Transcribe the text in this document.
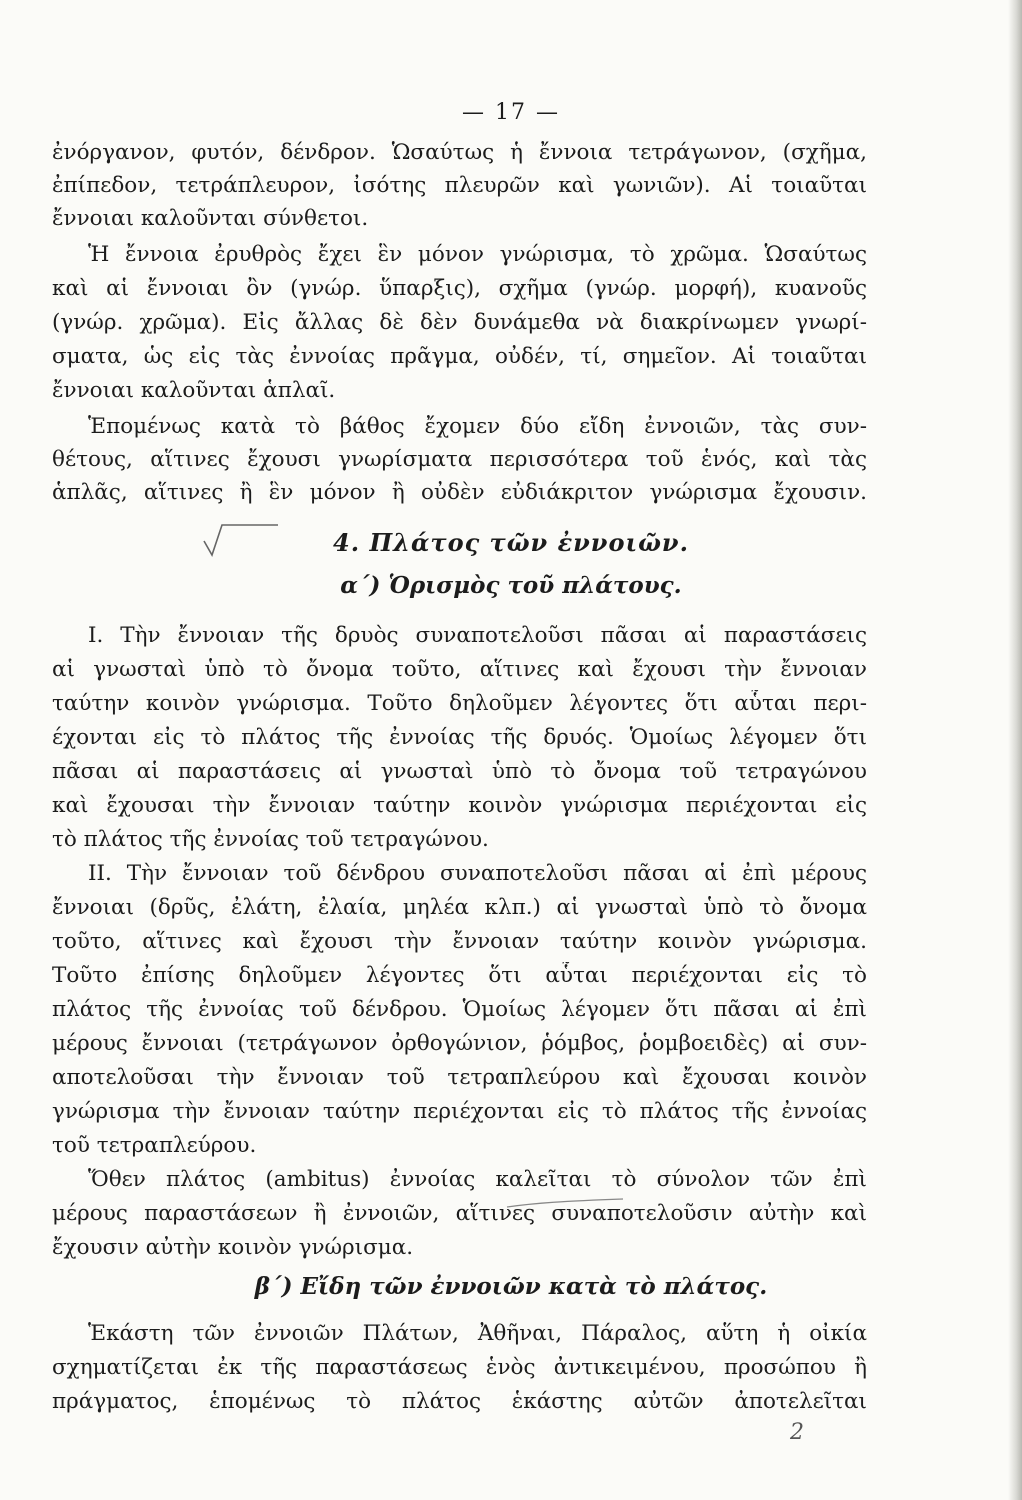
— 17 —
ἐνόργανον, φυτόν, δένδρον. Ὡσαύτως ἡ ἔννοια τετράγωνον, (σχῆμα,
ἐπίπεδον, τετράπλευρον, ἰσότης πλευρῶν καὶ γωνιῶν). Αἱ τοιαῦται
ἔννοιαι καλοῦνται σύνθετοι.
Ἡ ἔννοια ἐρυθρὸς ἔχει ἓν μόνον γνώρισμα, τὸ χρῶμα. Ὡσαύτως
καὶ αἱ ἔννοιαι ὂν (γνώρ. ὕπαρξις), σχῆμα (γνώρ. μορφή), κυανοῦς
(γνώρ. χρῶμα). Εἰς ἄλλας δὲ δὲν δυνάμεθα νὰ διακρίνωμεν γνωρί-
σματα, ὡς εἰς τὰς ἐννοίας πρᾶγμα, οὐδέν, τί, σημεῖον. Αἱ τοιαῦται
ἔννοιαι καλοῦνται ἁπλαῖ.
Ἑπομένως κατὰ τὸ βάθος ἔχομεν δύο εἴδη ἐννοιῶν, τὰς συν-
θέτους, αἵτινες ἔχουσι γνωρίσματα περισσότερα τοῦ ἑνός, καὶ τὰς
ἁπλᾶς, αἵτινες ἢ ἓν μόνον ἢ οὐδὲν εὐδιάκριτον γνώρισμα ἔχουσιν.
4. Πλάτος τῶν ἐννοιῶν.
α΄) Ὁρισμὸς τοῦ πλάτους.
Ι. Τὴν ἔννοιαν τῆς δρυὸς συναποτελοῦσι πᾶσαι αἱ παραστάσεις
αἱ γνωσταὶ ὑπὸ τὸ ὄνομα τοῦτο, αἵτινες καὶ ἔχουσι τὴν ἔννοιαν
ταύτην κοινὸν γνώρισμα. Τοῦτο δηλοῦμεν λέγοντες ὅτι αὗται περι-
έχονται εἰς τὸ πλάτος τῆς ἐννοίας τῆς δρυός. Ὁμοίως λέγομεν ὅτι
πᾶσαι αἱ παραστάσεις αἱ γνωσταὶ ὑπὸ τὸ ὄνομα τοῦ τετραγώνου
καὶ ἔχουσαι τὴν ἔννοιαν ταύτην κοινὸν γνώρισμα περιέχονται εἰς
τὸ πλάτος τῆς ἐννοίας τοῦ τετραγώνου.
ΙΙ. Τὴν ἔννοιαν τοῦ δένδρου συναποτελοῦσι πᾶσαι αἱ ἐπὶ μέρους
ἔννοιαι (δρῦς, ἐλάτη, ἐλαία, μηλέα κλπ.) αἱ γνωσταὶ ὑπὸ τὸ ὄνομα
τοῦτο, αἵτινες καὶ ἔχουσι τὴν ἔννοιαν ταύτην κοινὸν γνώρισμα.
Τοῦτο ἐπίσης δηλοῦμεν λέγοντες ὅτι αὗται περιέχονται εἰς τὸ
πλάτος τῆς ἐννοίας τοῦ δένδρου. Ὁμοίως λέγομεν ὅτι πᾶσαι αἱ ἐπὶ
μέρους ἔννοιαι (τετράγωνον ὀρθογώνιον, ῥόμβος, ῥομβοειδὲς) αἱ συν-
αποτελοῦσαι τὴν ἔννοιαν τοῦ τετραπλεύρου καὶ ἔχουσαι κοινὸν
γνώρισμα τὴν ἔννοιαν ταύτην περιέχονται εἰς τὸ πλάτος τῆς ἐννοίας
τοῦ τετραπλεύρου.
Ὅθεν πλάτος (ambitus) ἐννοίας καλεῖται τὸ σύνολον τῶν ἐπὶ
μέρους παραστάσεων ἢ ἐννοιῶν, αἵτινες συναποτελοῦσιν αὐτὴν καὶ
ἔχουσιν αὐτὴν κοινὸν γνώρισμα.
β΄) Εἴδη τῶν ἐννοιῶν κατὰ τὸ πλάτος.
Ἑκάστη τῶν ἐννοιῶν Πλάτων, Ἀθῆναι, Πάραλος, αὕτη ἡ οἰκία
σχηματίζεται ἐκ τῆς παραστάσεως ἑνὸς ἀντικειμένου, προσώπου ἢ
πράγματος, ἑπομένως τὸ πλάτος ἑκάστης αὐτῶν ἀποτελεῖται
2
